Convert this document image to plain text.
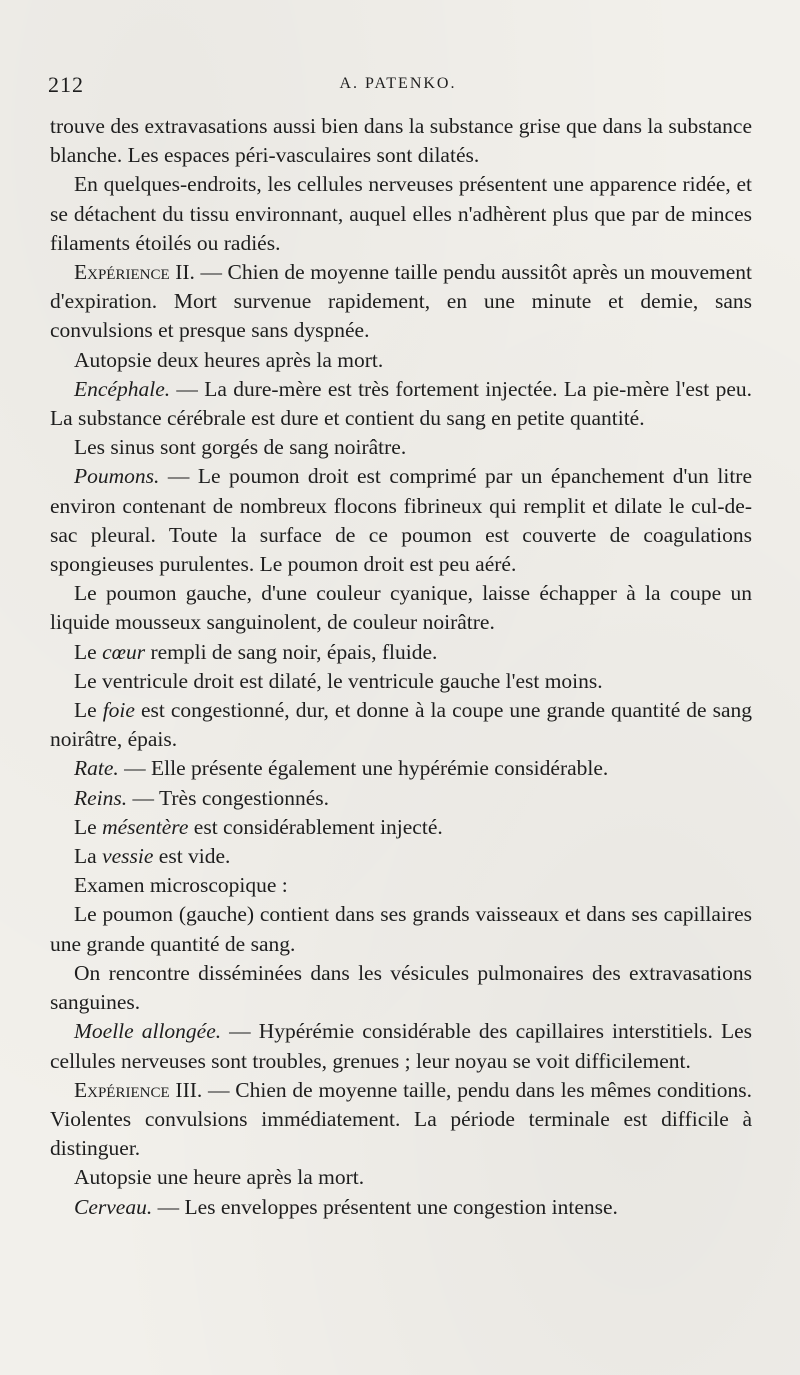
212	A. PATENKO.

trouve des extravasations aussi bien dans la substance grise que dans la substance blanche. Les espaces péri-vasculaires sont dilatés.

En quelques-endroits, les cellules nerveuses présentent une apparence ridée, et se détachent du tissu environnant, auquel elles n'adhèrent plus que par de minces filaments étoilés ou radiés.

Expérience II. — Chien de moyenne taille pendu aussitôt après un mouvement d'expiration. Mort survenue rapidement, en une minute et demie, sans convulsions et presque sans dyspnée.

Autopsie deux heures après la mort.

Encéphale. — La dure-mère est très fortement injectée. La pie-mère l'est peu. La substance cérébrale est dure et contient du sang en petite quantité.

Les sinus sont gorgés de sang noirâtre.

Poumons. — Le poumon droit est comprimé par un épanchement d'un litre environ contenant de nombreux flocons fibrineux qui remplit et dilate le cul-de-sac pleural. Toute la surface de ce poumon est couverte de coagulations spongieuses purulentes. Le poumon droit est peu aéré.

Le poumon gauche, d'une couleur cyanique, laisse échapper à la coupe un liquide mousseux sanguinolent, de couleur noirâtre.

Le cœur rempli de sang noir, épais, fluide.

Le ventricule droit est dilaté, le ventricule gauche l'est moins.

Le foie est congestionné, dur, et donne à la coupe une grande quantité de sang noirâtre, épais.

Rate. — Elle présente également une hypérémie considérable.

Reins. — Très congestionnés.

Le mésentère est considérablement injecté.

La vessie est vide.

Examen microscopique :

Le poumon (gauche) contient dans ses grands vaisseaux et dans ses capillaires une grande quantité de sang.

On rencontre disséminées dans les vésicules pulmonaires des extravasations sanguines.

Moelle allongée. — Hypérémie considérable des capillaires interstitiels. Les cellules nerveuses sont troubles, grenues ; leur noyau se voit difficilement.

Expérience III. — Chien de moyenne taille, pendu dans les mêmes conditions. Violentes convulsions immédiatement. La période terminale est difficile à distinguer.

Autopsie une heure après la mort.

Cerveau. — Les enveloppes présentent une congestion intense.
